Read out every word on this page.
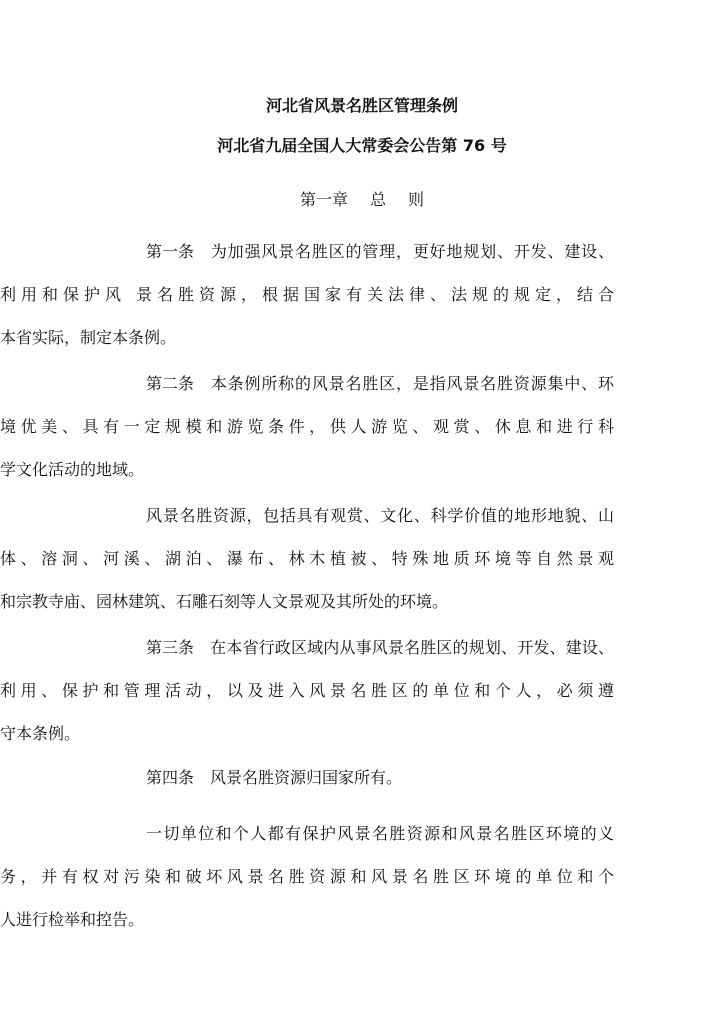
河北省风景名胜区管理条例
河北省九届全国人大常委会公告第 76 号
第一章 总 则
第一条 为加强风景名胜区的管理，更好地规划、开发、建设、
利用和保护风 景名胜资源，根据国家有关法律、法规的规定，结合
本省实际，制定本条例。
第二条 本条例所称的风景名胜区，是指风景名胜资源集中、环
境优美、具有一定规模和游览条件，供人游览、观赏、休息和进行科
学文化活动的地域。
风景名胜资源，包括具有观赏、文化、科学价值的地形地貌、山
体、溶洞、河溪、湖泊、瀑布、林木植被、特殊地质环境等自然景观
和宗教寺庙、园林建筑、石雕石刻等人文景观及其所处的环境。
第三条 在本省行政区域内从事风景名胜区的规划、开发、建设、
利用、保护和管理活动，以及进入风景名胜区的单位和个人，必须遵
守本条例。
第四条 风景名胜资源归国家所有。
一切单位和个人都有保护风景名胜资源和风景名胜区环境的义
务，并有权对污染和破坏风景名胜资源和风景名胜区环境的单位和个
人进行检举和控告。
